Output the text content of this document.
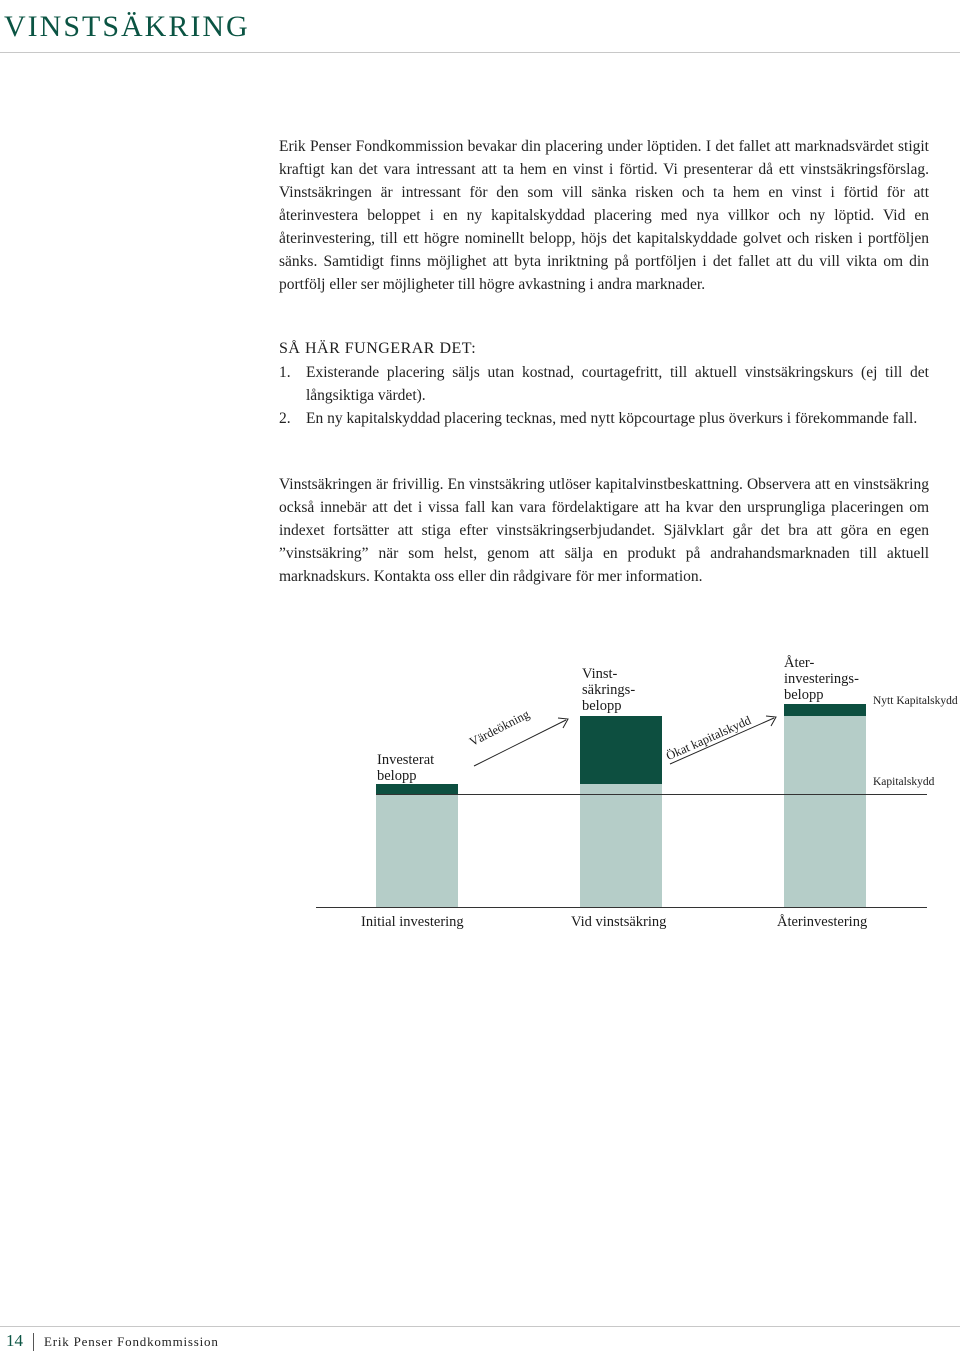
VINSTSÄKRING

Erik Penser Fondkommission bevakar din placering under löptiden. I det fallet att marknadsvärdet stigit kraftigt kan det vara intressant att ta hem en vinst i förtid. Vi presenterar då ett vinstsäkringsförslag. Vinstsäkringen är intressant för den som vill sänka risken och ta hem en vinst i förtid för att återinvestera beloppet i en ny kapitalskyddad placering med nya villkor och ny löptid. Vid en återinvestering, till ett högre nominellt belopp, höjs det kapitalskyddade golvet och risken i portföljen sänks. Samtidigt finns möjlighet att byta inriktning på portföljen i det fallet att du vill vikta om din portfölj eller ser möjligheter till högre avkastning i andra marknader.

SÅ HÄR FUNGERAR DET:
1. Existerande placering säljs utan kostnad, courtagefritt, till aktuell vinstsäkringskurs (ej till det långsiktiga värdet).
2. En ny kapitalskyddad placering tecknas, med nytt köpcourtage plus överkurs i förekommande fall.

Vinstsäkringen är frivillig. En vinstsäkring utlöser kapitalvinstbeskattning. Observera att en vinstsäkring också innebär att det i vissa fall kan vara fördelaktigare att ha kvar den ursprungliga placeringen om indexet fortsätter att stiga efter vinstsäkringserbjudandet. Självklart går det bra att göra en egen ”vinstsäkring” när som helst, genom att sälja en produkt på andrahandsmarknaden till aktuell marknadskurs. Kontakta oss eller din rådgivare för mer information.

Investerat belopp
Vinst-
säkrings-
belopp
Åter-
investerings-
belopp
Värdeökning	Ökat kapitalskydd
Nytt Kapitalskydd
Kapitalskydd
Initial investering	Vid vinstsäkring	Återinvestering
14 Erik Penser Fondkommission
